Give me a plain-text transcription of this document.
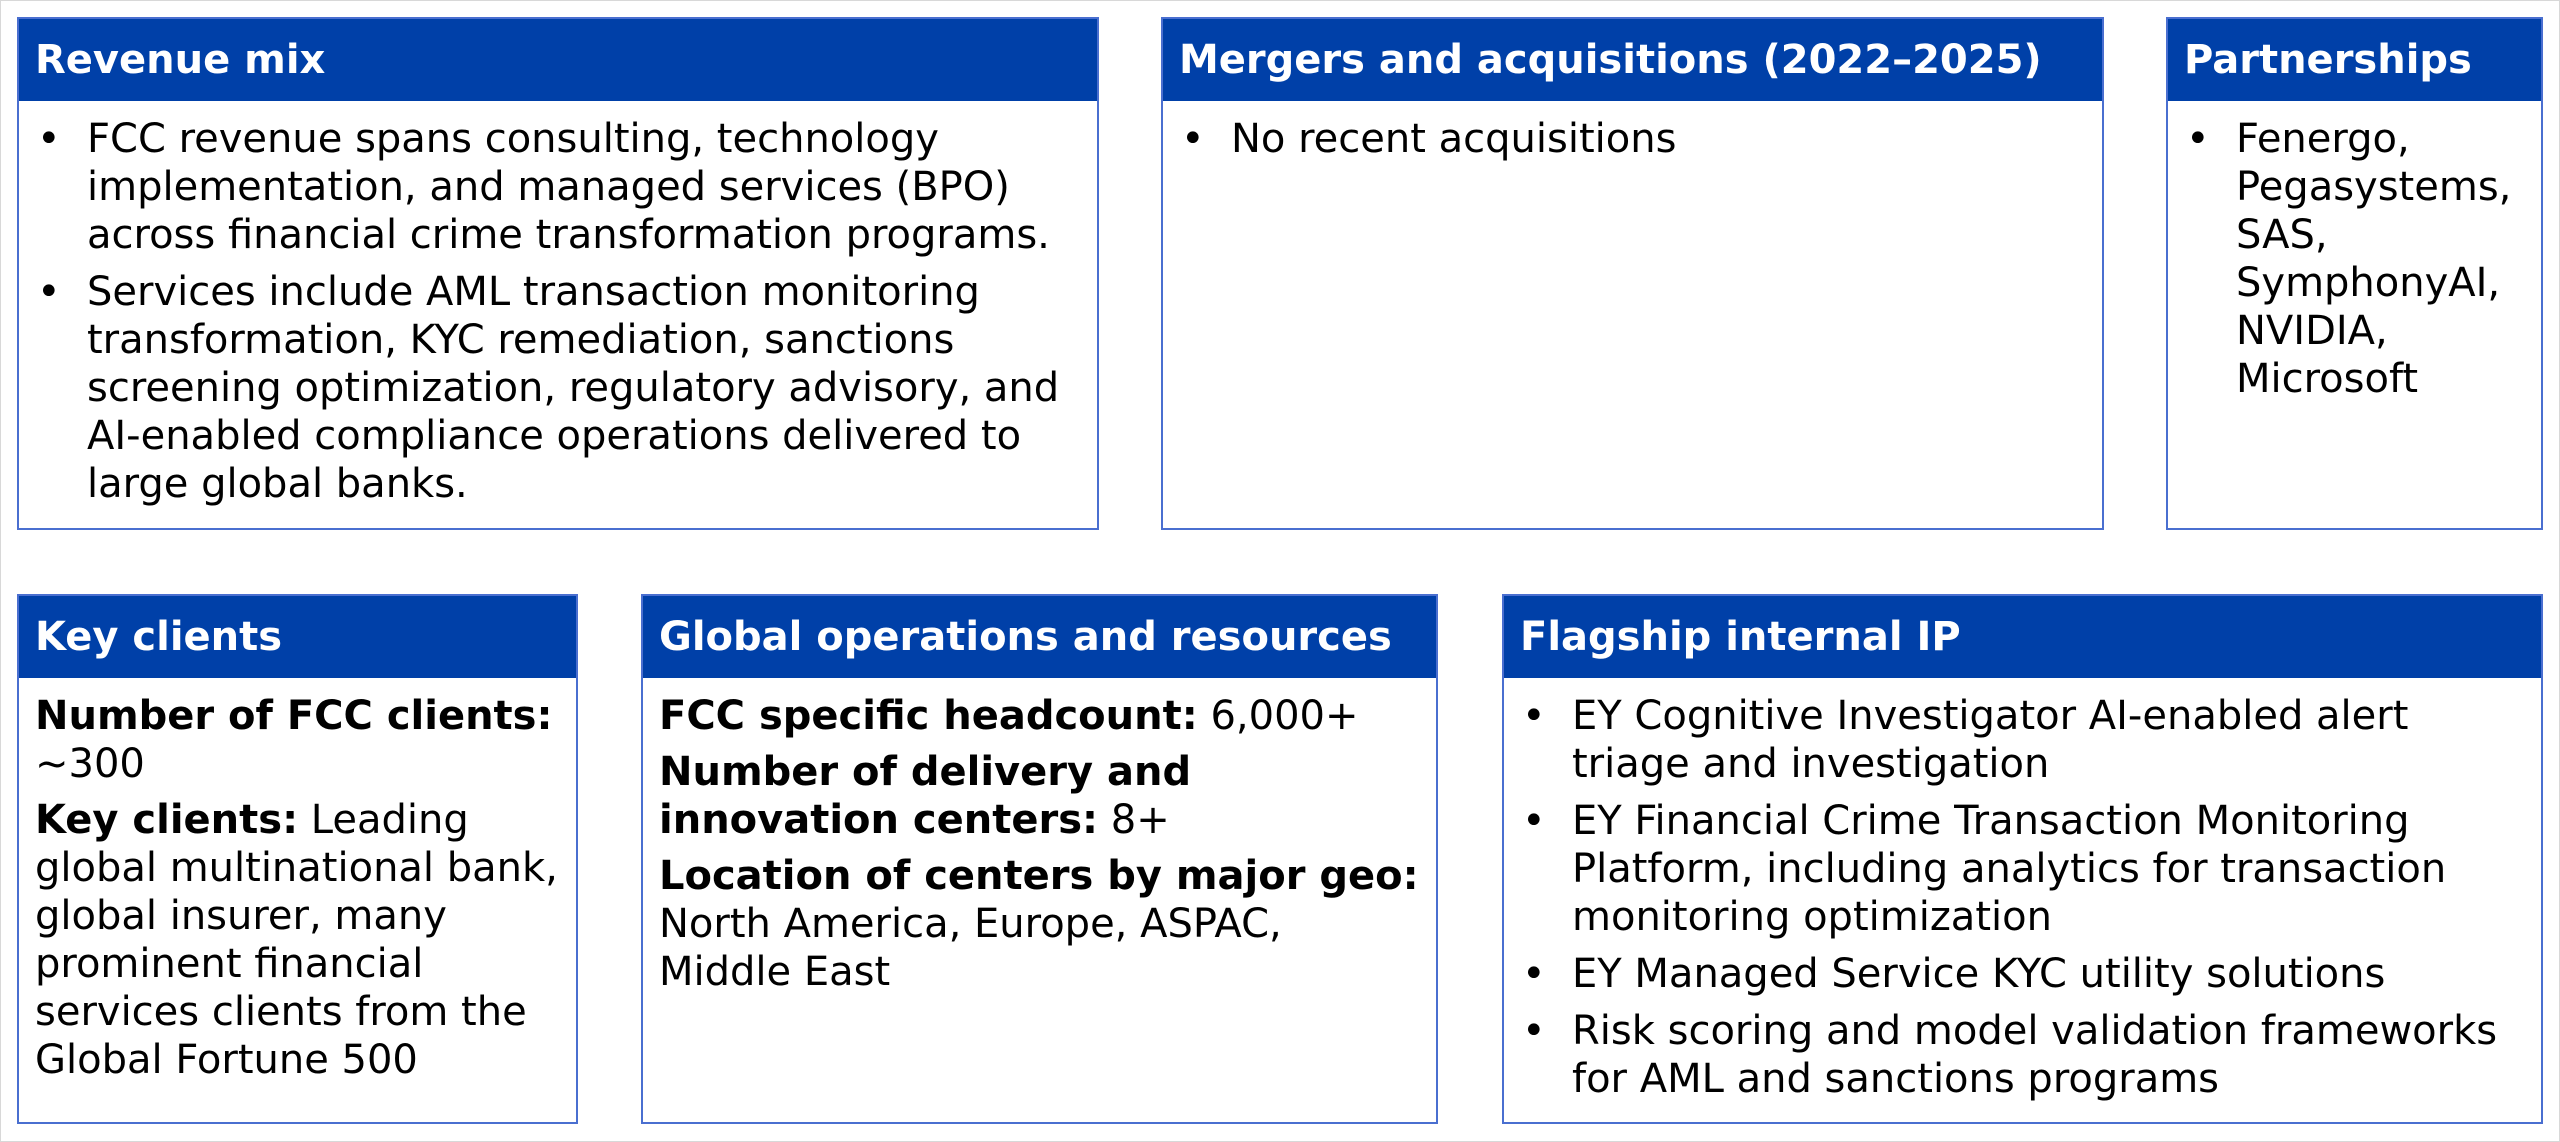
Revenue mix
• FCC revenue spans consulting, technology implementation, and managed services (BPO) across financial crime transformation programs.
• Services include AML transaction monitoring transformation, KYC remediation, sanctions screening optimization, regulatory advisory, and AI-enabled compliance operations delivered to large global banks.
Mergers and acquisitions (2022–2025)
• No recent acquisitions
Partnerships
• Fenergo, Pegasystems, SAS, SymphonyAI, NVIDIA, Microsoft
Key clients
Number of FCC clients: ~300
Key clients: Leading global multinational bank, global insurer, many prominent financial services clients from the Global Fortune 500
Global operations and resources
FCC specific headcount: 6,000+
Number of delivery and innovation centers: 8+
Location of centers by major geo: North America, Europe, ASPAC, Middle East
Flagship internal IP
• EY Cognitive Investigator AI-enabled alert triage and investigation
• EY Financial Crime Transaction Monitoring Platform, including analytics for transaction monitoring optimization
• EY Managed Service KYC utility solutions
• Risk scoring and model validation frameworks for AML and sanctions programs
